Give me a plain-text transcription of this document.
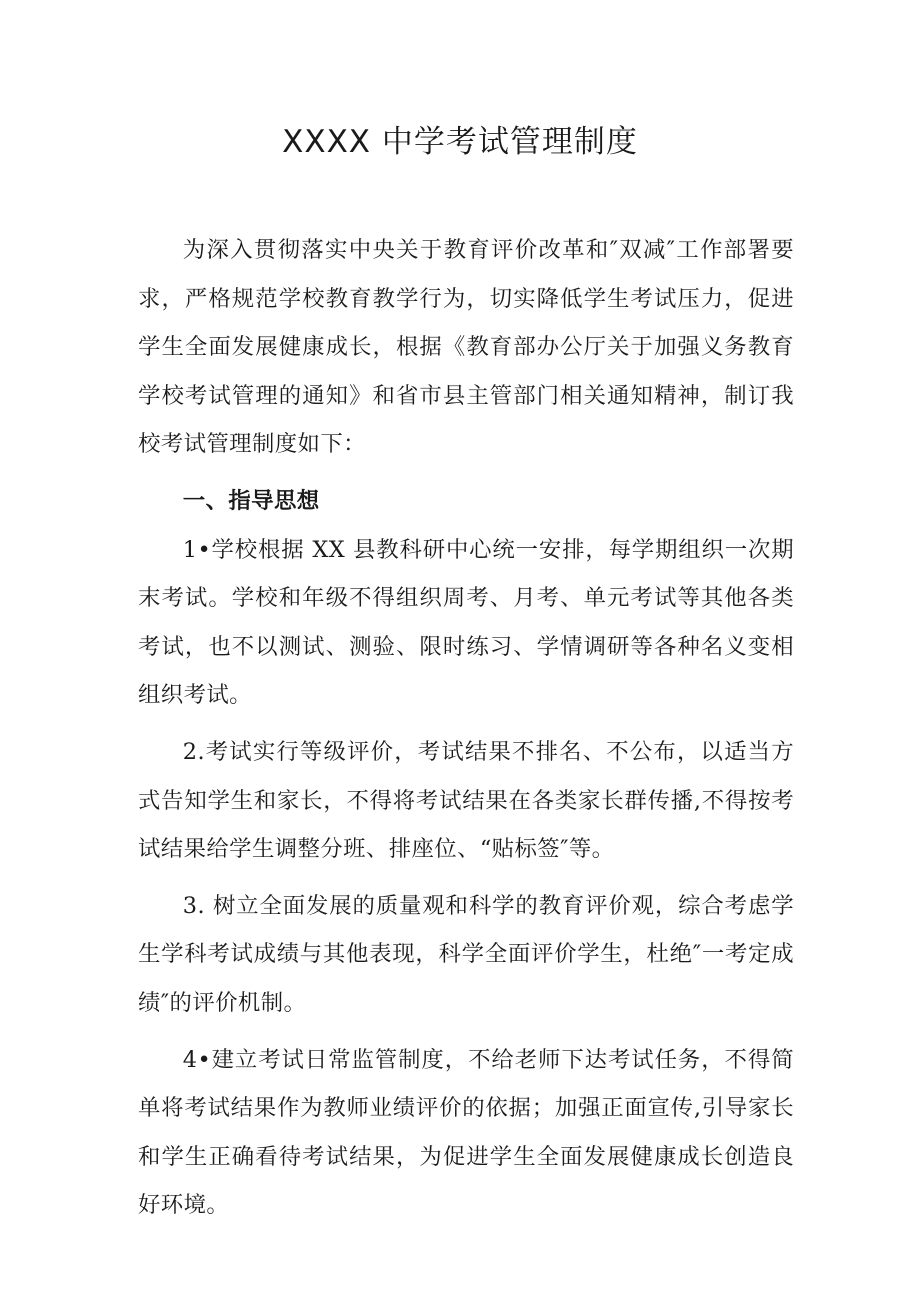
XXXX 中学考试管理制度

为深入贯彻落实中央关于教育评价改革和″双减″工作部署要求，严格规范学校教育教学行为，切实降低学生考试压力，促进学生全面发展健康成长，根据《教育部办公厅关于加强义务教育学校考试管理的通知》和省市县主管部门相关通知精神，制订我校考试管理制度如下：

一、指导思想

1•学校根据 XX 县教科研中心统一安排，每学期组织一次期末考试。学校和年级不得组织周考、月考、单元考试等其他各类考试，也不以测试、测验、限时练习、学情调研等各种名义变相组织考试。

2.考试实行等级评价，考试结果不排名、不公布，以适当方式告知学生和家长，不得将考试结果在各类家长群传播,不得按考试结果给学生调整分班、排座位、“贴标签″等。

3. 树立全面发展的质量观和科学的教育评价观，综合考虑学生学科考试成绩与其他表现，科学全面评价学生，杜绝″一考定成绩″的评价机制。

4•建立考试日常监管制度，不给老师下达考试任务，不得简单将考试结果作为教师业绩评价的依据；加强正面宣传,引导家长和学生正确看待考试结果，为促进学生全面发展健康成长创造良好环境。
